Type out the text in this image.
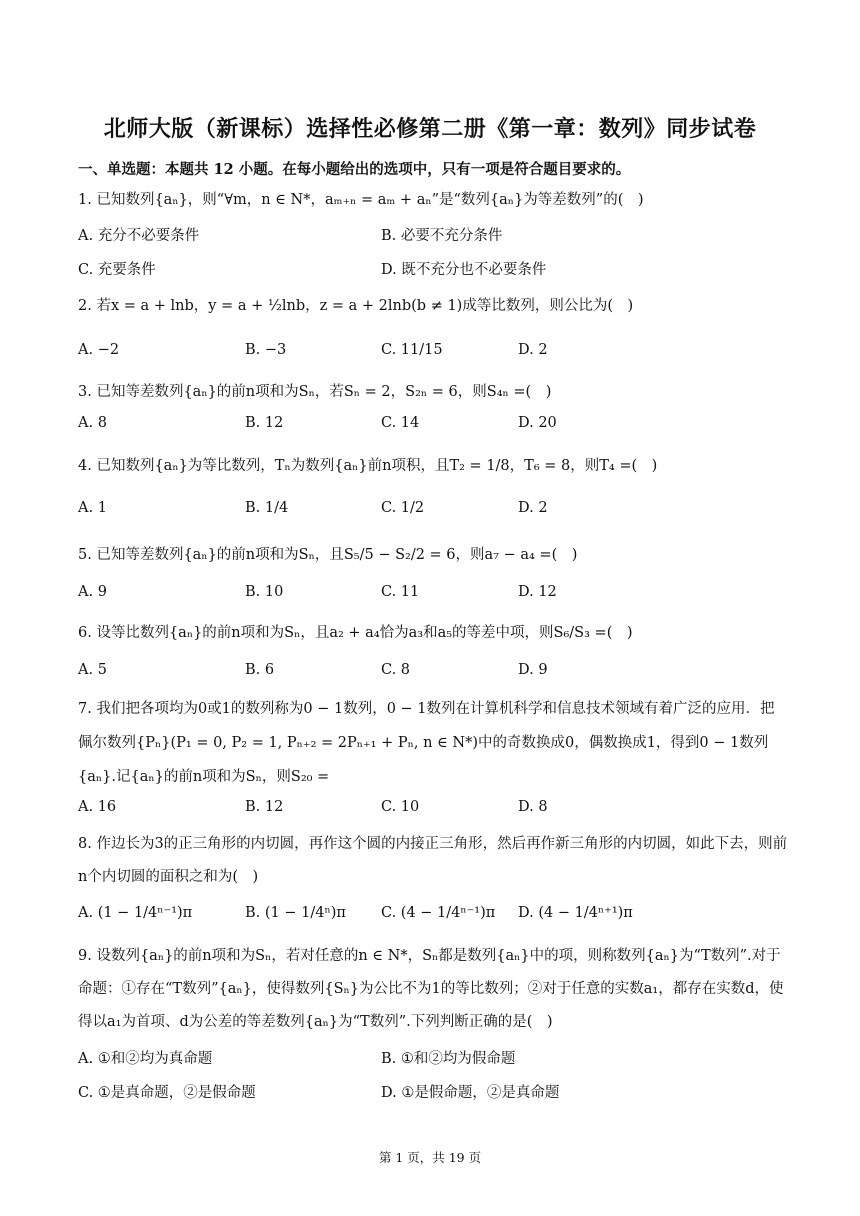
北师大版（新课标）选择性必修第二册《第一章：数列》同步试卷
一、单选题：本题共 12 小题。在每小题给出的选项中，只有一项是符合题目要求的。
1. 已知数列{aₙ}，则“∀m，n ∈ N*，aₘ₊ₙ = aₘ + aₙ”是“数列{aₙ}为等差数列”的(　)
A. 充分不必要条件	B. 必要不充分条件
C. 充要条件	D. 既不充分也不必要条件
2. 若x = a + lnb，y = a + ½lnb，z = a + 2lnb(b ≠ 1)成等比数列，则公比为(　)
A. −2	B. −3	C. 11/15	D. 2
3. 已知等差数列{aₙ}的前n项和为Sₙ，若Sₙ = 2，S₂ₙ = 6，则S₄ₙ =(　)
A. 8	B. 12	C. 14	D. 20
4. 已知数列{aₙ}为等比数列，Tₙ为数列{aₙ}前n项积，且T₂ = 1/8，T₆ = 8，则T₄ =(　)
A. 1	B. 1/4	C. 1/2	D. 2
5. 已知等差数列{aₙ}的前n项和为Sₙ，且S₅/5 − S₂/2 = 6，则a₇ − a₄ =(　)
A. 9	B. 10	C. 11	D. 12
6. 设等比数列{aₙ}的前n项和为Sₙ，且a₂ + a₄恰为a₃和a₅的等差中项，则S₆/S₃ =(　)
A. 5	B. 6	C. 8	D. 9
7. 我们把各项均为0或1的数列称为0 − 1数列，0 − 1数列在计算机科学和信息技术领域有着广泛的应用．把佩尔数列{Pₙ}(P₁ = 0, P₂ = 1, Pₙ₊₂ = 2Pₙ₊₁ + Pₙ, n ∈ N*)中的奇数换成0，偶数换成1，得到0 − 1数列{aₙ}.记{aₙ}的前n项和为Sₙ，则S₂₀ =
A. 16	B. 12	C. 10	D. 8
8. 作边长为3的正三角形的内切圆，再作这个圆的内接正三角形，然后再作新三角形的内切圆，如此下去，则前n个内切圆的面积之和为(　)
A. (1 − 1/4ⁿ⁻¹)π	B. (1 − 1/4ⁿ)π C. (4 − 1/4ⁿ⁻¹)π D. (4 − 1/4ⁿ⁺¹)π
9. 设数列{aₙ}的前n项和为Sₙ，若对任意的n ∈ N*，Sₙ都是数列{aₙ}中的项，则称数列{aₙ}为“T数列”.对于命题：①存在“T数列”{aₙ}，使得数列{Sₙ}为公比不为1的等比数列；②对于任意的实数a₁，都存在实数d，使得以a₁为首项、d为公差的等差数列{aₙ}为“T数列”.下列判断正确的是(　)
A. ①和②均为真命题	B. ①和②均为假命题
C. ①是真命题，②是假命题	D. ①是假命题，②是真命题
第 1 页，共 19 页
